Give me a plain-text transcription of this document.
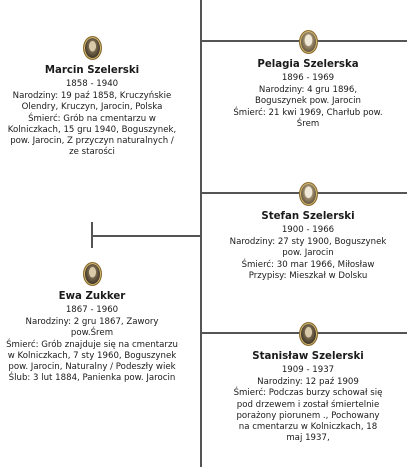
Marcin Szelerski
1858 - 1940
Narodziny: 19 paź 1858, Kruczyńskie Olendry, Kruczyn, Jarocin, Polska
Śmierć: Grób na cmentarzu w Kolniczkach, 15 gru 1940, Boguszynek, pow. Jarocin, Z przyczyn naturalnych / ze starości
Pelagia Szelerska
1896 - 1969
Narodziny: 4 gru 1896, Boguszynek pow. Jarocin
Śmierć: 21 kwi 1969, Charłub pow. Śrem
Stefan Szelerski
1900 - 1966
Narodziny: 27 sty 1900, Boguszynek pow. Jarocin
Śmierć: 30 mar 1966, Miłosław
Przypisy: Mieszkał w Dolsku
Ewa Zukker
1867 - 1960
Narodziny: 2 gru 1867, Zawory pow.Śrem
Śmierć: Grób znajduje się na cmentarzu w Kolniczkach, 7 sty 1960, Boguszynek pow. Jarocin, Naturalny / Podeszły wiek
Ślub: 3 lut 1884, Panienka pow. Jarocin
Stanisław Szelerski
1909 - 1937
Narodziny: 12 paź 1909
Śmierć: Podczas burzy schował się pod drzewem i został śmiertelnie porażony piorunem ., Pochowany na cmentarzu w Kolniczkach, 18 maj 1937,
